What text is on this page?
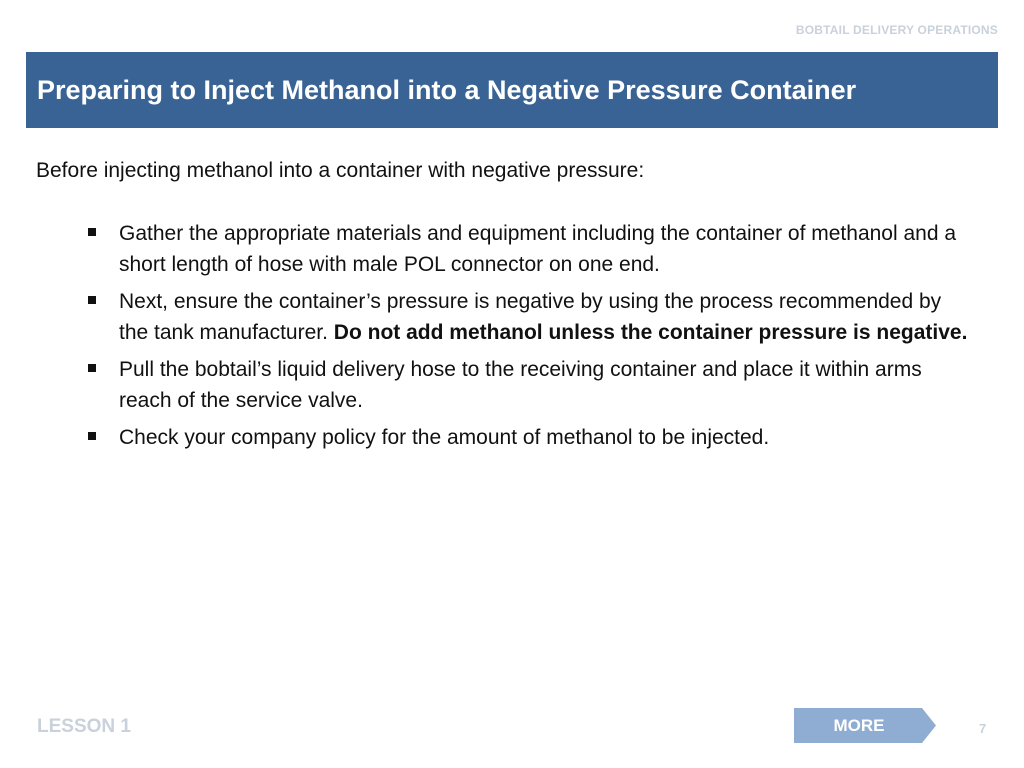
BOBTAIL DELIVERY OPERATIONS
Preparing to Inject Methanol into a Negative Pressure Container
Before injecting methanol into a container with negative pressure:
Gather the appropriate materials and equipment including the container of methanol and a short length of hose with male POL connector on one end.
Next, ensure the container’s pressure is negative by using the process recommended by the tank manufacturer. Do not add methanol unless the container pressure is negative.
Pull the bobtail’s liquid delivery hose to the receiving container and place it within arms reach of the service valve.
Check your company policy for the amount of methanol to be injected.
LESSON 1	MORE	7
